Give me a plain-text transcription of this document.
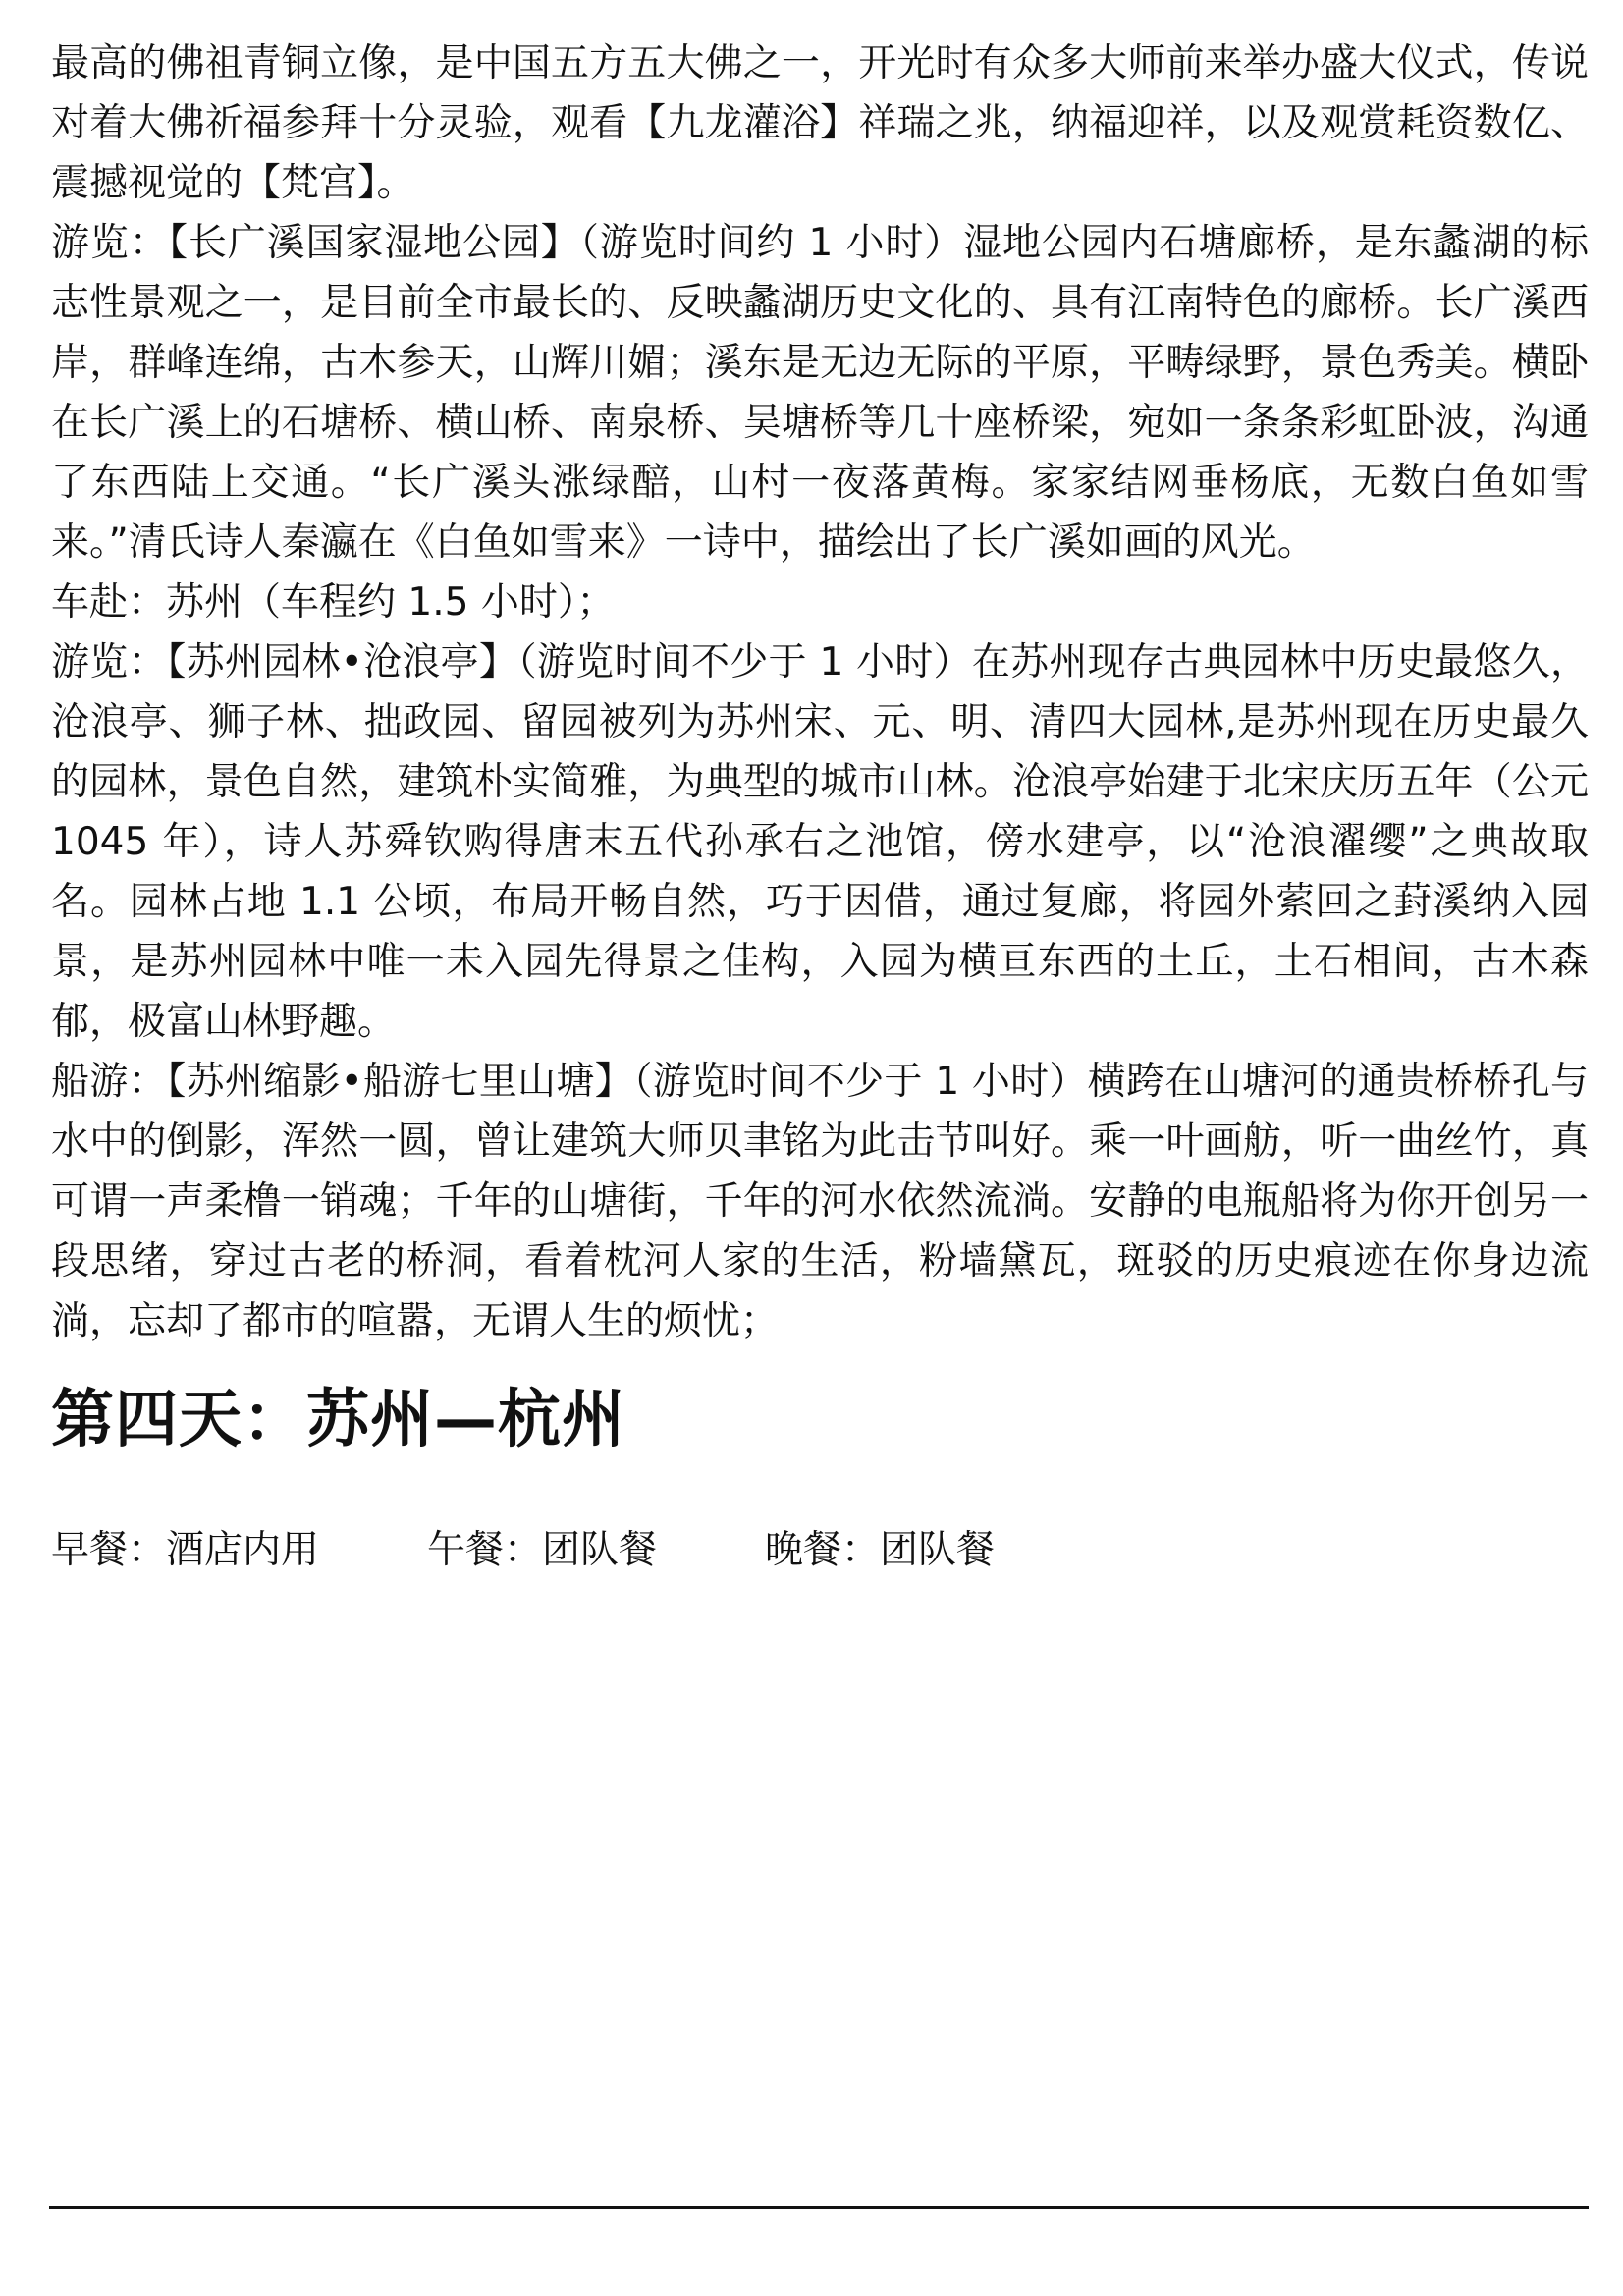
最高的佛祖青铜立像，是中国五方五大佛之一，开光时有众多大师前来举办盛大仪式，传说对着大佛祈福参拜十分灵验，观看【九龙灌浴】祥瑞之兆，纳福迎祥，以及观赏耗资数亿、震撼视觉的【梵宫】。

游览：【长广溪国家湿地公园】（游览时间约 1 小时）湿地公园内石塘廊桥，是东蠡湖的标志性景观之一，是目前全市最长的、反映蠡湖历史文化的、具有江南特色的廊桥。长广溪西岸，群峰连绵，古木参天，山辉川媚；溪东是无边无际的平原，平畴绿野，景色秀美。横卧在长广溪上的石塘桥、横山桥、南泉桥、吴塘桥等几十座桥梁，宛如一条条彩虹卧波，沟通了东西陆上交通。“长广溪头涨绿醅，山村一夜落黄梅。家家结网垂杨底，无数白鱼如雪来。”清氏诗人秦瀛在《白鱼如雪来》一诗中，描绘出了长广溪如画的风光。

车赴：苏州（车程约 1.5 小时）；

游览：【苏州园林•沧浪亭】（游览时间不少于 1 小时）在苏州现存古典园林中历史最悠久，沧浪亭、狮子林、拙政园、留园被列为苏州宋、元、明、清四大园林,是苏州现在历史最久的园林，景色自然，建筑朴实简雅，为典型的城市山林。沧浪亭始建于北宋庆历五年（公元 1045 年），诗人苏舜钦购得唐末五代孙承右之池馆，傍水建亭，以“沧浪濯缨”之典故取名。园林占地 1.1 公顷，布局开畅自然，巧于因借，通过复廊，将园外萦回之葑溪纳入园景，是苏州园林中唯一未入园先得景之佳构，入园为横亘东西的土丘，土石相间，古木森郁，极富山林野趣。

船游：【苏州缩影•船游七里山塘】（游览时间不少于 1 小时）横跨在山塘河的通贵桥桥孔与水中的倒影，浑然一圆，曾让建筑大师贝聿铭为此击节叫好。乘一叶画舫，听一曲丝竹，真可谓一声柔橹一销魂；千年的山塘街，千年的河水依然流淌。安静的电瓶船将为你开创另一段思绪，穿过古老的桥洞，看着枕河人家的生活，粉墙黛瓦，斑驳的历史痕迹在你身边流淌，忘却了都市的喧嚣，无谓人生的烦忧；

第四天：苏州—杭州
早餐：酒店内用	午餐：团队餐	晚餐：团队餐
